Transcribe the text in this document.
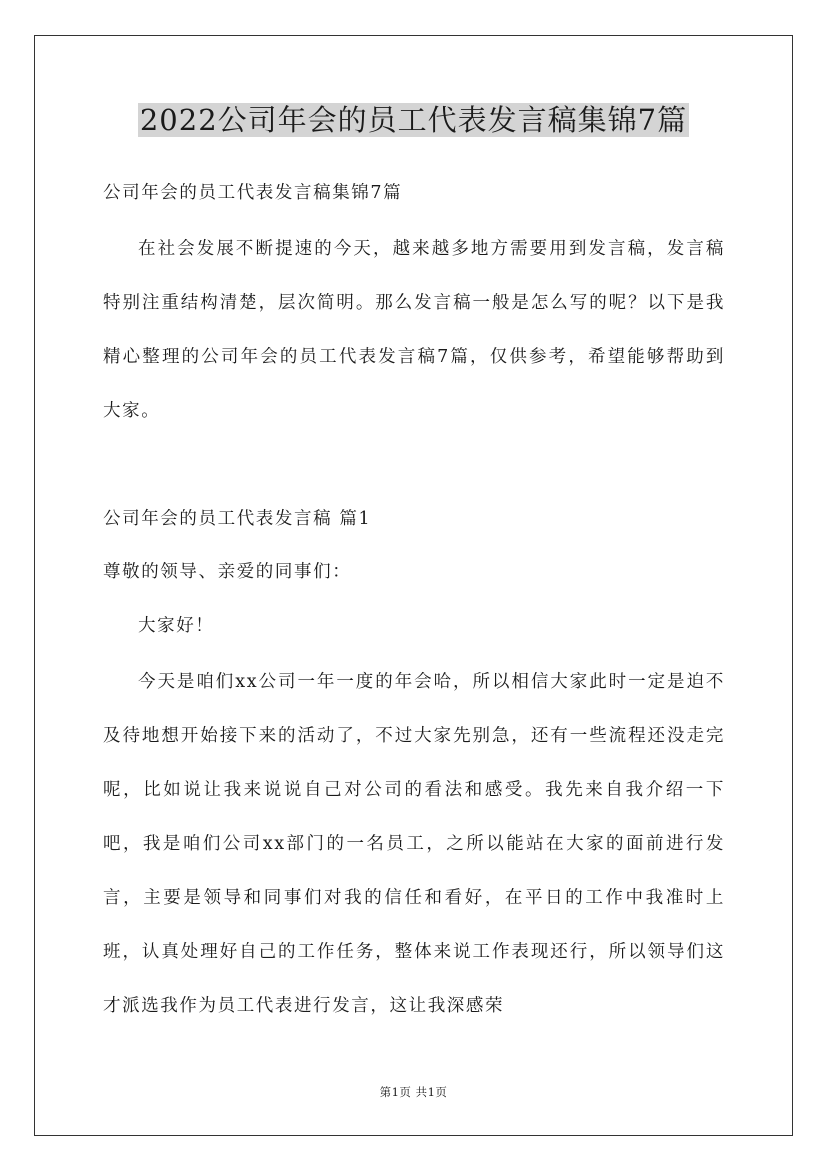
2022公司年会的员工代表发言稿集锦7篇
公司年会的员工代表发言稿集锦7篇
在社会发展不断提速的今天，越来越多地方需要用到发言稿，发言稿特别注重结构清楚，层次简明。那么发言稿一般是怎么写的呢？以下是我精心整理的公司年会的员工代表发言稿7篇，仅供参考，希望能够帮助到大家。
公司年会的员工代表发言稿 篇1
尊敬的领导、亲爱的同事们：
大家好！
今天是咱们xx公司一年一度的年会哈，所以相信大家此时一定是迫不及待地想开始接下来的活动了，不过大家先别急，还有一些流程还没走完呢，比如说让我来说说自己对公司的看法和感受。我先来自我介绍一下吧，我是咱们公司xx部门的一名员工，之所以能站在大家的面前进行发言，主要是领导和同事们对我的信任和看好，在平日的工作中我准时上班，认真处理好自己的工作任务，整体来说工作表现还行，所以领导们这才派选我作为员工代表进行发言，这让我深感荣
第1页 共1页
